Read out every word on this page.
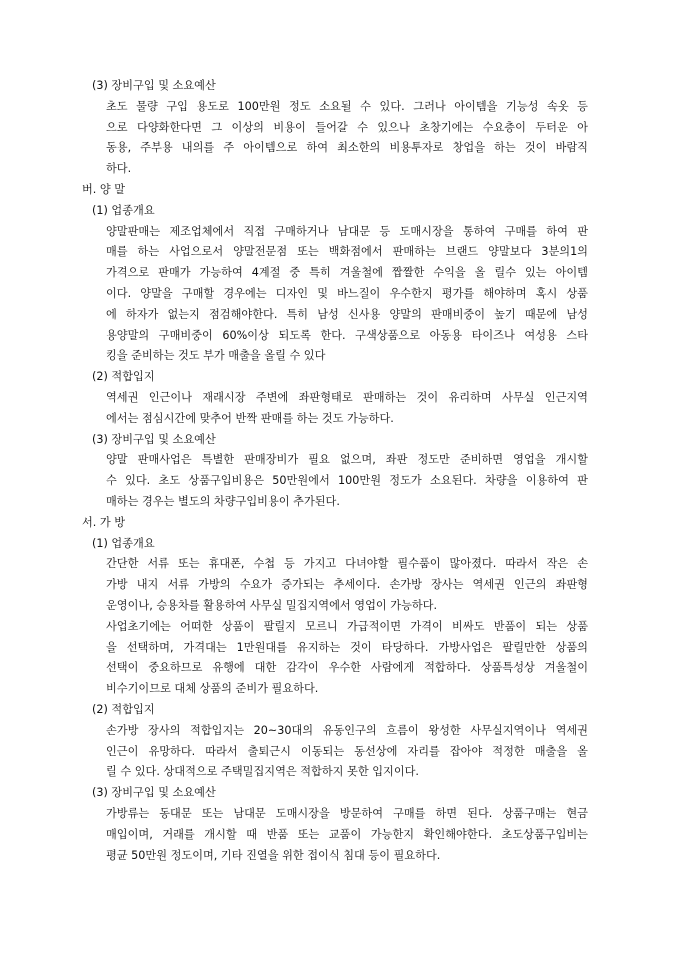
(3) 장비구입 및 소요예산
초도 물량 구입 용도로 100만원 정도 소요될 수 있다. 그러나 아이템을 기능성 속옷 등
으로 다양화한다면 그 이상의 비용이 들어갈 수 있으나 초창기에는 수요층이 두터운 아
동용, 주부용 내의를 주 아이템으로 하여 최소한의 비용투자로 창업을 하는 것이 바람직
하다.
버. 양 말
(1) 업종개요
양말판매는 제조업체에서 직접 구매하거나 남대문 등 도매시장을 통하여 구매를 하여 판
매를 하는 사업으로서 양말전문점 또는 백화점에서 판매하는 브랜드 양말보다 3분의1의
가격으로 판매가 가능하여 4계절 중 특히 겨울철에 짭짤한 수익을 올 릴수 있는 아이템
이다. 양말을 구매할 경우에는 디자인 및 바느질이 우수한지 평가를 해야하며 혹시 상품
에 하자가 없는지 점검해야한다. 특히 남성 신사용 양말의 판매비중이 높기 때문에 남성
용양말의 구매비중이 60%이상 되도록 한다. 구색상품으로 아동용 타이즈나 여성용 스타
킹을 준비하는 것도 부가 매출을 올릴 수 있다
(2) 적합입지
역세권 인근이나 재래시장 주변에 좌판형태로 판매하는 것이 유리하며 사무실 인근지역
에서는 점심시간에 맞추어 반짝 판매를 하는 것도 가능하다.
(3) 장비구입 및 소요예산
양말 판매사업은 특별한 판매장비가 필요 없으며, 좌판 정도만 준비하면 영업을 개시할
수 있다. 초도 상품구입비용은 50만원에서 100만원 정도가 소요된다. 차량을 이용하여 판
매하는 경우는 별도의 차량구입비용이 추가된다.
서. 가 방
(1) 업종개요
간단한 서류 또는 휴대폰, 수첩 등 가지고 다녀야할 필수품이 많아졌다. 따라서 작은 손
가방 내지 서류 가방의 수요가 증가되는 추세이다. 손가방 장사는 역세권 인근의 좌판형
운영이나, 승용차를 활용하여 사무실 밀집지역에서 영업이 가능하다.
사업초기에는 어떠한 상품이 팔릴지 모르니 가급적이면 가격이 비싸도 반품이 되는 상품
을 선택하며, 가격대는 1만원대를 유지하는 것이 타당하다. 가방사업은 팔릴만한 상품의
선택이 중요하므로 유행에 대한 감각이 우수한 사람에게 적합하다. 상품특성상 겨울철이
비수기이므로 대체 상품의 준비가 필요하다.
(2) 적합입지
손가방 장사의 적합입지는 20~30대의 유동인구의 흐름이 왕성한 사무실지역이나 역세권
인근이 유망하다. 따라서 출퇴근시 이동되는 동선상에 자리를 잡아야 적정한 매출을 올
릴 수 있다. 상대적으로 주택밀집지역은 적합하지 못한 입지이다.
(3) 장비구입 및 소요예산
가방류는 동대문 또는 남대문 도매시장을 방문하여 구매를 하면 된다. 상품구매는 현금
매입이며, 거래를 개시할 때 반품 또는 교품이 가능한지 확인해야한다. 초도상품구입비는
평균 50만원 정도이며, 기타 진열을 위한 접이식 침대 등이 필요하다.
